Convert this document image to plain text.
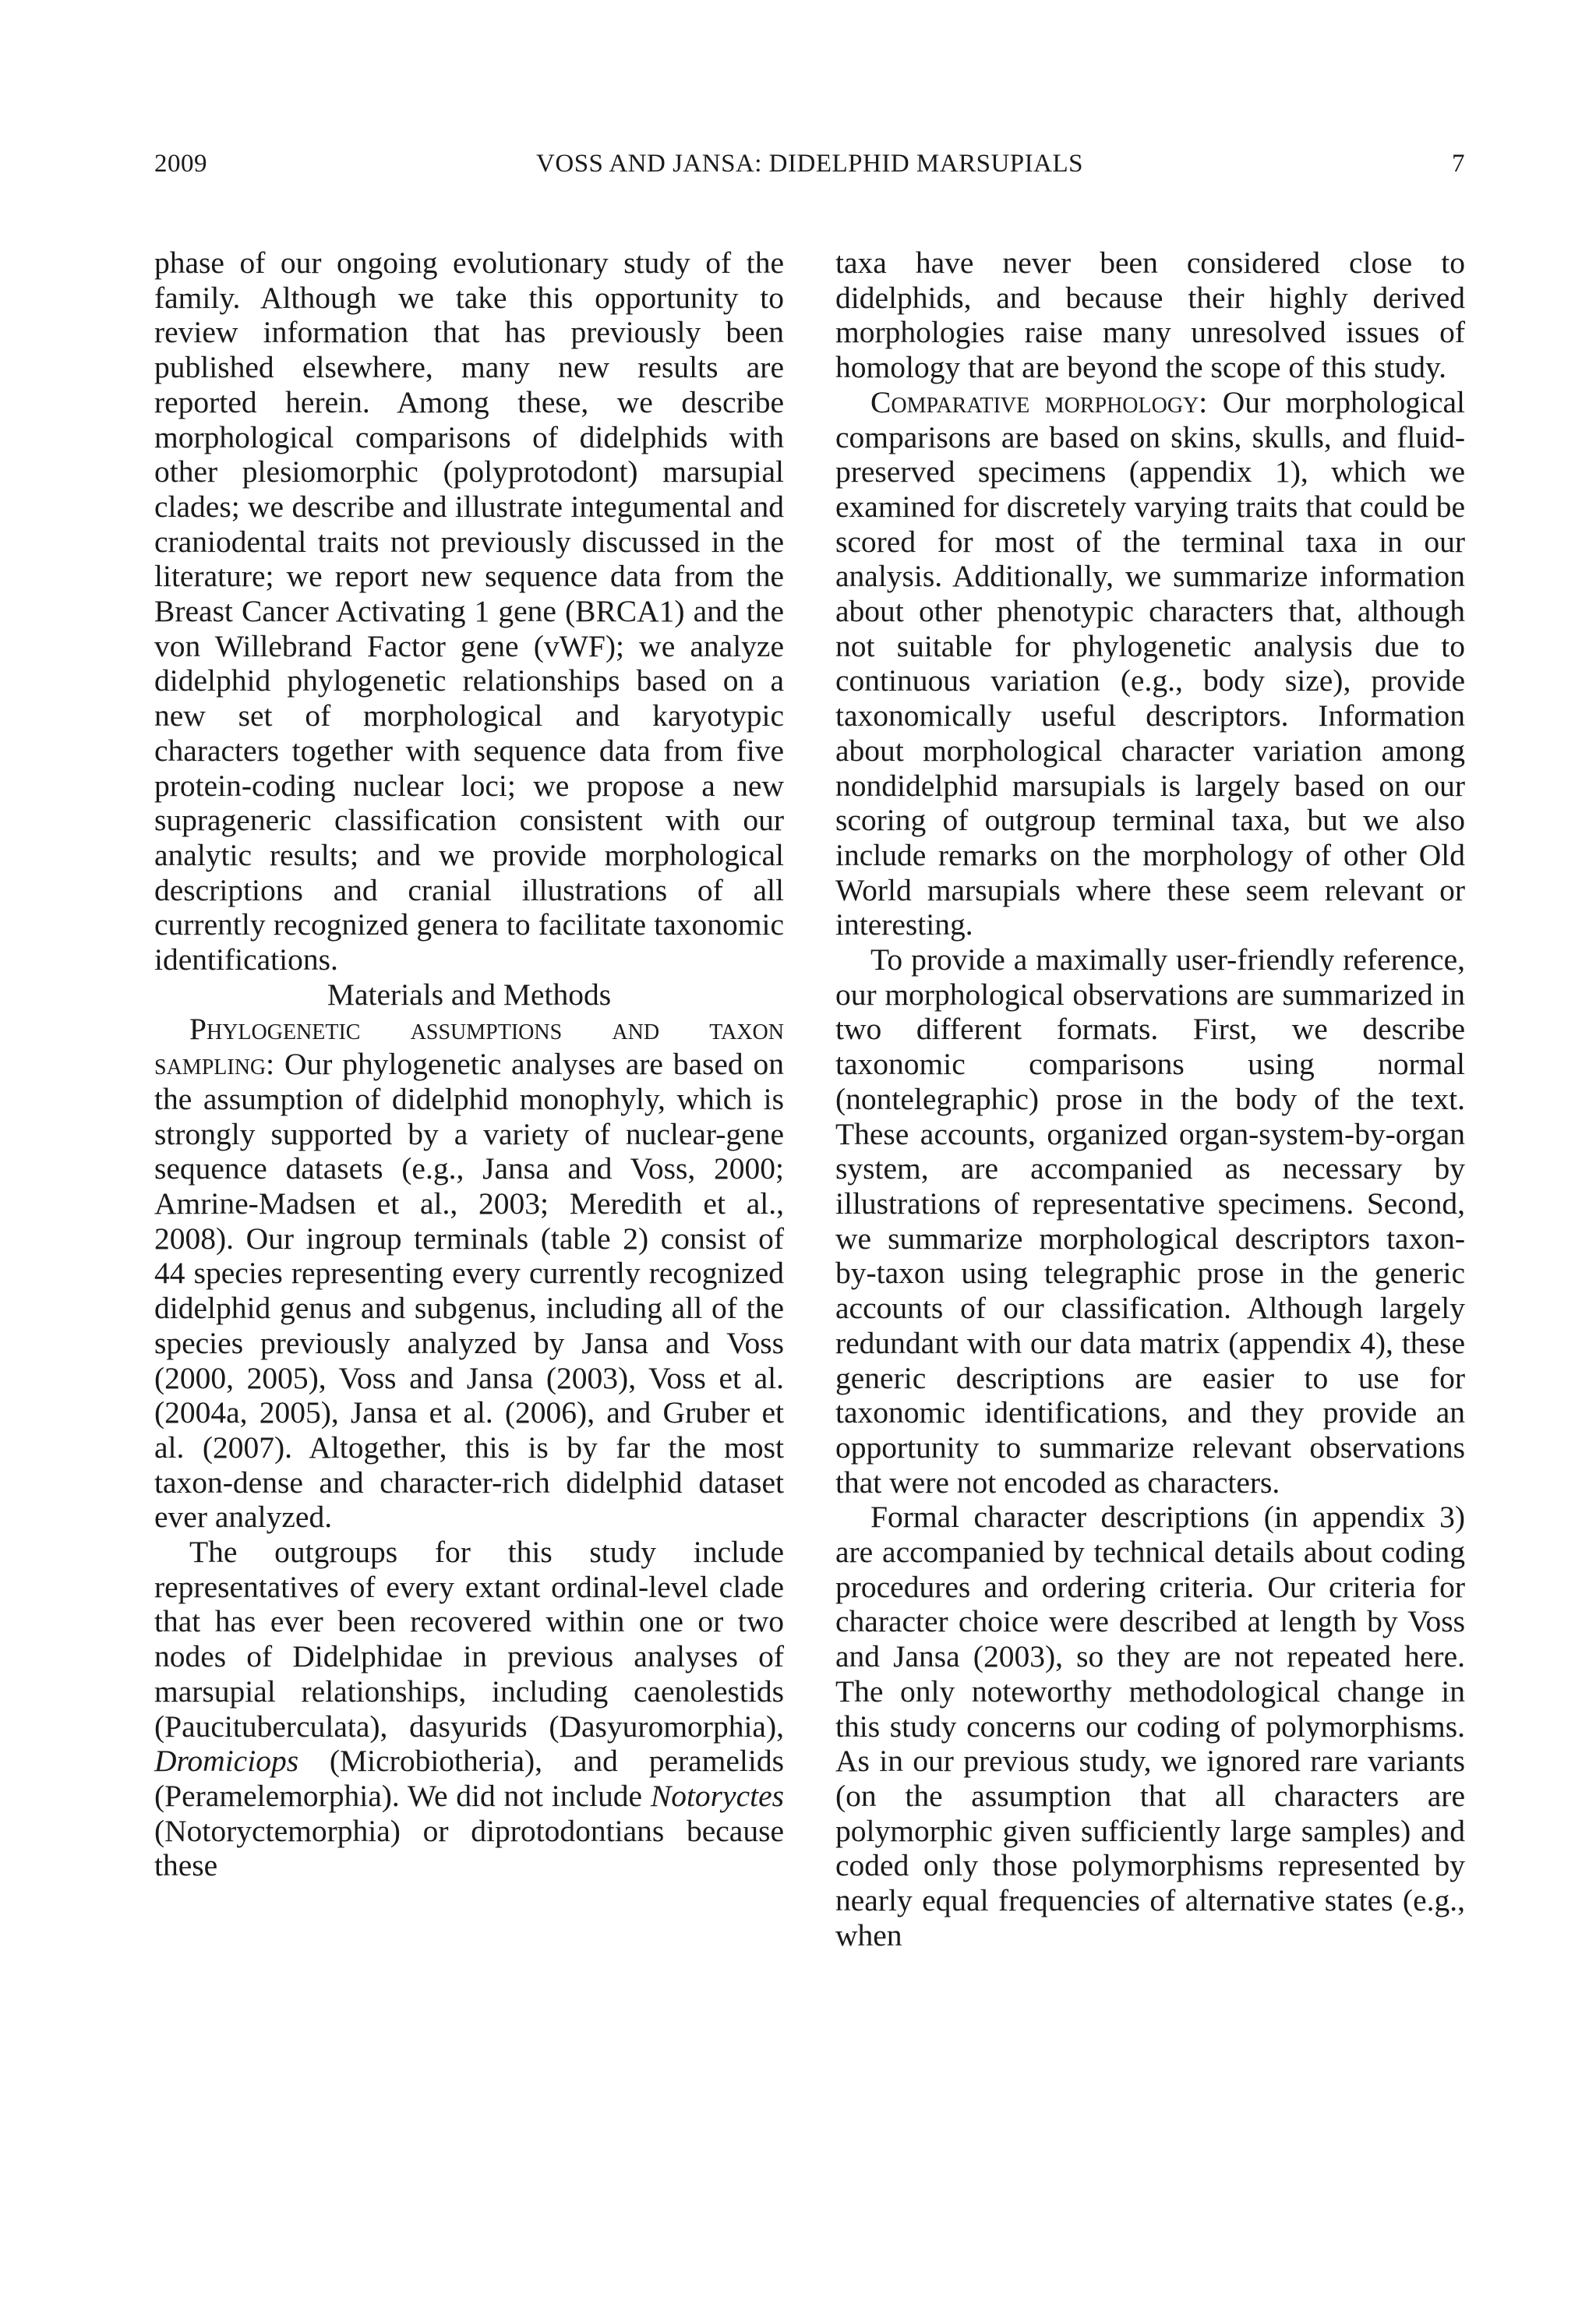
2009	VOSS AND JANSA: DIDELPHID MARSUPIALS	7

phase of our ongoing evolutionary study of the family. Although we take this opportunity to review information that has previously been published elsewhere, many new results are reported herein. Among these, we describe morphological comparisons of didelphids with other plesiomorphic (polyprotodont) marsupial clades; we describe and illustrate integumental and craniodental traits not previously discussed in the literature; we report new sequence data from the Breast Cancer Activating 1 gene (BRCA1) and the von Willebrand Factor gene (vWF); we analyze didelphid phylogenetic relationships based on a new set of morphological and karyotypic characters together with sequence data from five protein-coding nuclear loci; we propose a new suprageneric classification consistent with our analytic results; and we provide morphological descriptions and cranial illustrations of all currently recognized genera to facilitate taxonomic identifications.

Materials and Methods

Phylogenetic assumptions and taxon sampling: Our phylogenetic analyses are based on the assumption of didelphid monophyly, which is strongly supported by a variety of nuclear-gene sequence datasets (e.g., Jansa and Voss, 2000; Amrine-Madsen et al., 2003; Meredith et al., 2008). Our ingroup terminals (table 2) consist of 44 species representing every currently recognized didelphid genus and subgenus, including all of the species previously analyzed by Jansa and Voss (2000, 2005), Voss and Jansa (2003), Voss et al. (2004a, 2005), Jansa et al. (2006), and Gruber et al. (2007). Altogether, this is by far the most taxon-dense and character-rich didelphid dataset ever analyzed.

The outgroups for this study include representatives of every extant ordinal-level clade that has ever been recovered within one or two nodes of Didelphidae in previous analyses of marsupial relationships, including caenolestids (Paucituberculata), dasyurids (Dasyuromorphia), Dromiciops (Microbiotheria), and peramelids (Peramelemorphia). We did not include Notoryctes (Notoryctemorphia) or diprotodontians because these

taxa have never been considered close to didelphids, and because their highly derived morphologies raise many unresolved issues of homology that are beyond the scope of this study.

Comparative morphology: Our morphological comparisons are based on skins, skulls, and fluid-preserved specimens (appendix 1), which we examined for discretely varying traits that could be scored for most of the terminal taxa in our analysis. Additionally, we summarize information about other phenotypic characters that, although not suitable for phylogenetic analysis due to continuous variation (e.g., body size), provide taxonomically useful descriptors. Information about morphological character variation among nondidelphid marsupials is largely based on our scoring of outgroup terminal taxa, but we also include remarks on the morphology of other Old World marsupials where these seem relevant or interesting.

To provide a maximally user-friendly reference, our morphological observations are summarized in two different formats. First, we describe taxonomic comparisons using normal (nontelegraphic) prose in the body of the text. These accounts, organized organ-system-by-organ system, are accompanied as necessary by illustrations of representative specimens. Second, we summarize morphological descriptors taxon-by-taxon using telegraphic prose in the generic accounts of our classification. Although largely redundant with our data matrix (appendix 4), these generic descriptions are easier to use for taxonomic identifications, and they provide an opportunity to summarize relevant observations that were not encoded as characters.

Formal character descriptions (in appendix 3) are accompanied by technical details about coding procedures and ordering criteria. Our criteria for character choice were described at length by Voss and Jansa (2003), so they are not repeated here. The only noteworthy methodological change in this study concerns our coding of polymorphisms. As in our previous study, we ignored rare variants (on the assumption that all characters are polymorphic given sufficiently large samples) and coded only those polymorphisms represented by nearly equal frequencies of alternative states (e.g., when
